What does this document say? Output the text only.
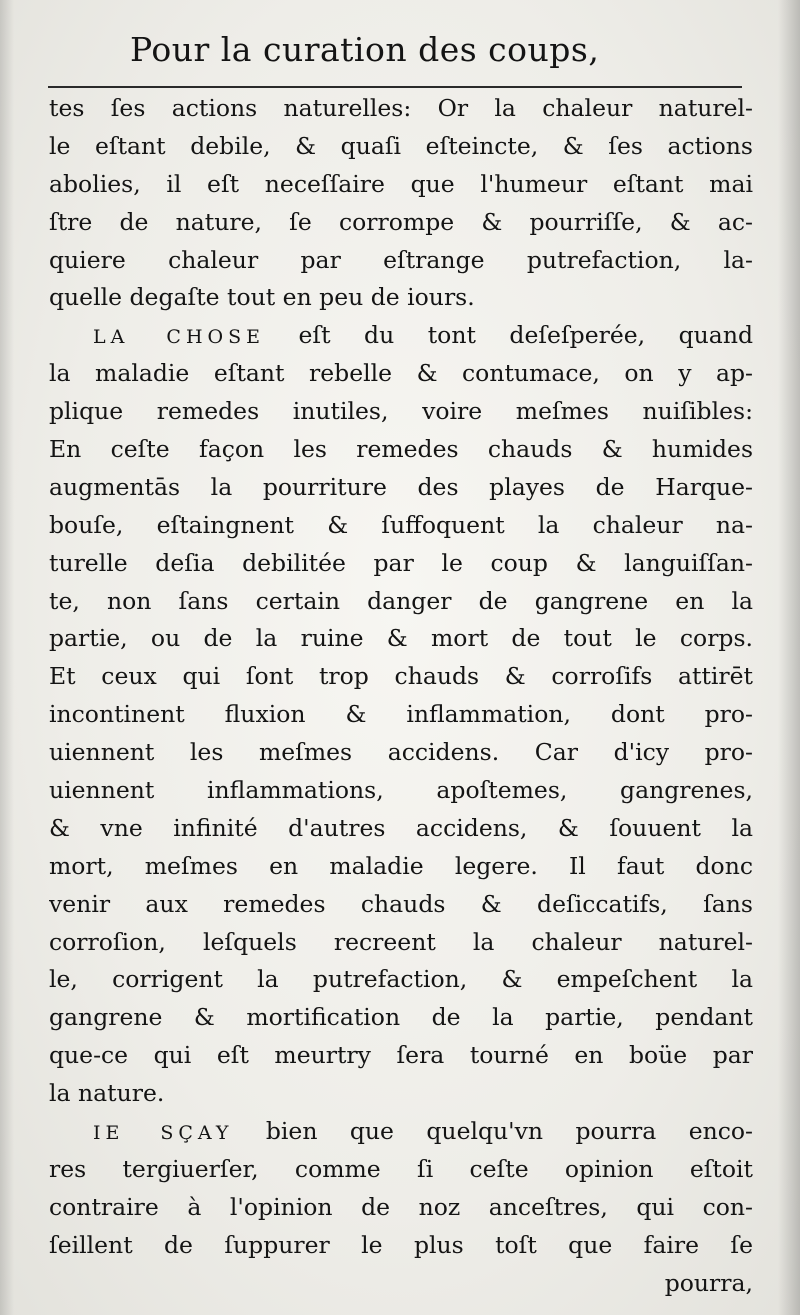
Pour la curation des coups,
tes ſes actions naturelles: Or la chaleur naturel-
le eſtant debile, & quaſi eſteincte, & ſes actions
abolies, il eſt neceſſaire que l'humeur eſtant mai
ſtre de nature, ſe corrompe & pourriſſe, & ac-
quiere chaleur par eſtrange putrefaction, la-
quelle degaſte tout en peu de iours.
LA CHOSE eſt du tont deſeſperée, quand
la maladie eſtant rebelle & contumace, on y ap-
plique remedes inutiles, voire meſmes nuiſibles:
En ceſte façon les remedes chauds & humides
augmentās la pourriture des playes de Harque-
bouſe, eſtaingnent & ſuffoquent la chaleur na-
turelle deſia debilitée par le coup & languiſſan-
te, non ſans certain danger de gangrene en la
partie, ou de la ruine & mort de tout le corps.
Et ceux qui ſont trop chauds & corroſifs attirēt
incontinent fluxion & inflammation, dont pro-
uiennent les meſmes accidens. Car d'icy pro-
uiennent inflammations, apoſtemes, gangrenes,
& vne infinité d'autres accidens, & ſouuent la
mort, meſmes en maladie legere. Il faut donc
venir aux remedes chauds & deſiccatifs, ſans
corroſion, leſquels recreent la chaleur naturel-
le, corrigent la putrefaction, & empeſchent la
gangrene & mortification de la partie, pendant
que-ce qui eſt meurtry ſera tourné en boüe par
la nature.
IE SÇAY bien que quelqu'vn pourra enco-
res tergiuerſer, comme ſi ceſte opinion eſtoit
contraire à l'opinion de noz anceſtres, qui con-
ſeillent de ſuppurer le plus toſt que faire ſe
pourra,
